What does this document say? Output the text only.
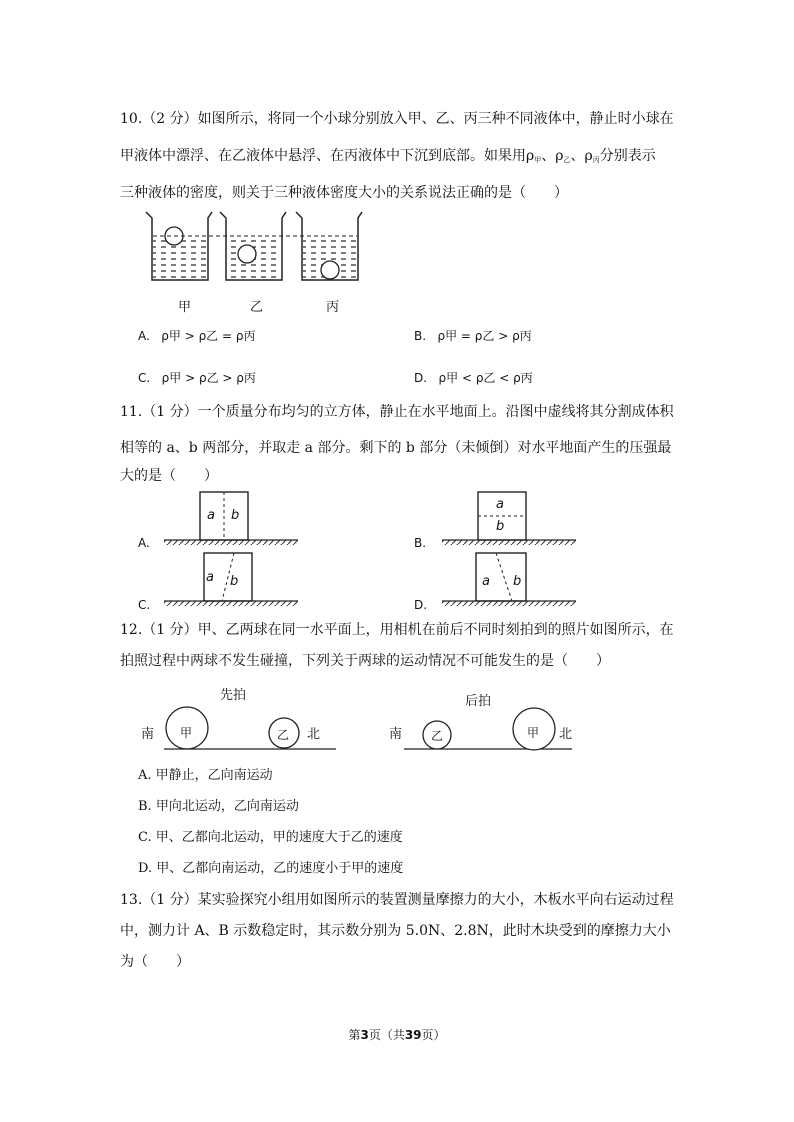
10.（2 分）如图所示，将同一个小球分别放入甲、乙、丙三种不同液体中，静止时小球在
甲液体中漂浮、在乙液体中悬浮、在丙液体中下沉到底部。如果用$\rho_甲$、$\rho_乙$、$\rho_丙$分别表示
三种液体的密度，则关于三种液体密度大小的关系说法正确的是（　　）
甲	乙	丙
A. ρ甲 > ρ乙 = ρ丙	B. ρ甲 = ρ乙 > ρ丙
C. ρ甲 > ρ乙 > ρ丙	D. ρ甲 < ρ乙 < ρ丙
11.（1 分）一个质量分布均匀的立方体，静止在水平地面上。沿图中虚线将其分割成体积
相等的 a、b 两部分，并取走 a 部分。剩下的 b 部分（未倾倒）对水平地面产生的压强最
大的是（　　）
A.
a b
B.
a
b
C.
a b
D.
a b
12.（1 分）甲、乙两球在同一水平面上，用相机在前后不同时刻拍到的照片如图所示，在
拍照过程中两球不发生碰撞，下列关于两球的运动情况不可能发生的是（　　）
先拍	后拍
南 甲	乙 北	南 乙	甲 北
A. 甲静止，乙向南运动
B. 甲向北运动，乙向南运动
C. 甲、乙都向北运动，甲的速度大于乙的速度
D. 甲、乙都向南运动，乙的速度小于甲的速度
13.（1 分）某实验探究小组用如图所示的装置测量摩擦力的大小，木板水平向右运动过程
中，测力计 A、B 示数稳定时，其示数分别为 5.0N、2.8N，此时木块受到的摩擦力大小
为（　　）
第3页（共39页）
